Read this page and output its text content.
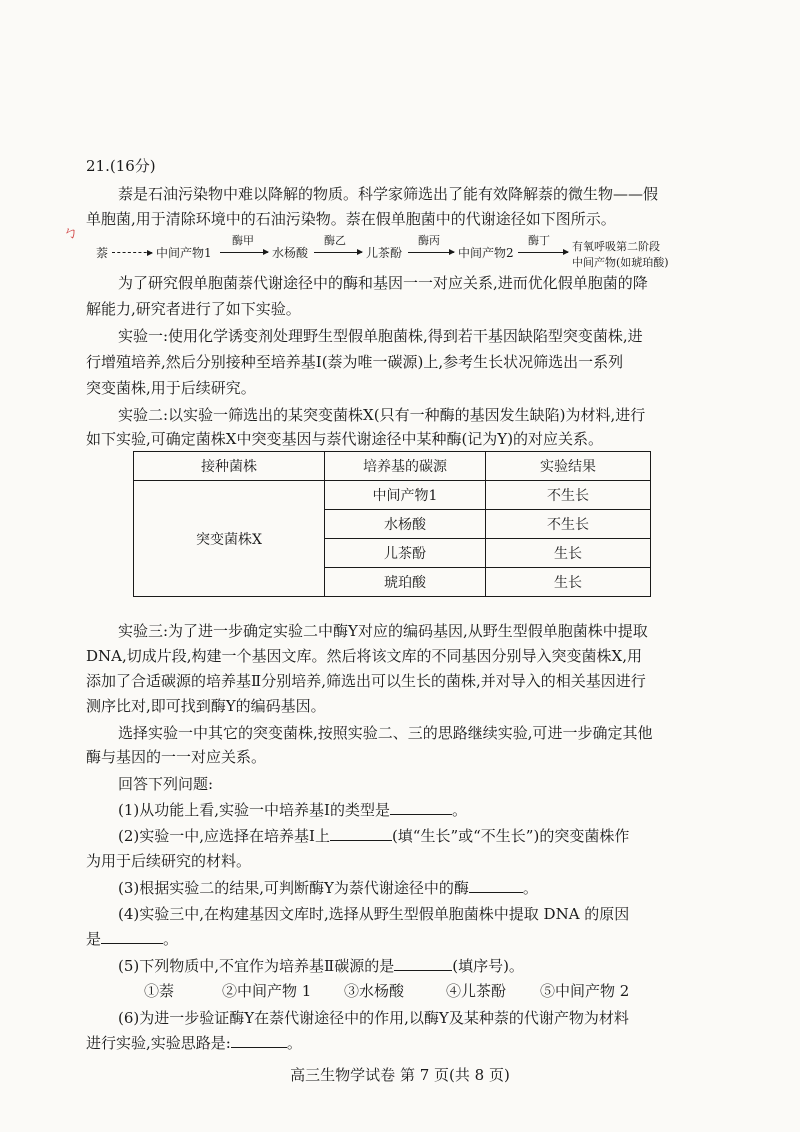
ㄅ
21.(16分)
萘是石油污染物中难以降解的物质。科学家筛选出了能有效降解萘的微生物——假
单胞菌,用于清除环境中的石油污染物。萘在假单胞菌中的代谢途径如下图所示。
萘	中间产物1
酶甲
水杨酸
酶乙
儿茶酚
酶丙
中间产物2
酶丁 有氧呼吸第二阶段
中间产物(如琥珀酸)
为了研究假单胞菌萘代谢途径中的酶和基因一一对应关系,进而优化假单胞菌的降
解能力,研究者进行了如下实验。
实验一:使用化学诱变剂处理野生型假单胞菌株,得到若干基因缺陷型突变菌株,进
行增殖培养,然后分别接种至培养基Ⅰ(萘为唯一碳源)上,参考生长状况筛选出一系列
突变菌株,用于后续研究。
实验二:以实验一筛选出的某突变菌株X(只有一种酶的基因发生缺陷)为材料,进行
如下实验,可确定菌株X中突变基因与萘代谢途径中某种酶(记为Y)的对应关系。
接种菌株	培养基的碳源	实验结果
突变菌株X	中间产物1	不生长
	水杨酸	不生长
	儿茶酚	生长
	琥珀酸	生长
实验三:为了进一步确定实验二中酶Y对应的编码基因,从野生型假单胞菌株中提取
DNA,切成片段,构建一个基因文库。然后将该文库的不同基因分别导入突变菌株X,用
添加了合适碳源的培养基Ⅱ分别培养,筛选出可以生长的菌株,并对导入的相关基因进行
测序比对,即可找到酶Y的编码基因。
选择实验一中其它的突变菌株,按照实验二、三的思路继续实验,可进一步确定其他
酶与基因的一一对应关系。
回答下列问题:
(1)从功能上看,实验一中培养基Ⅰ的类型是	。
(2)实验一中,应选择在培养基Ⅰ上	(填“生长”或“不生长”)的突变菌株作
为用于后续研究的材料。
(3)根据实验二的结果,可判断酶Y为萘代谢途径中的酶	。
(4)实验三中,在构建基因文库时,选择从野生型假单胞菌株中提取 DNA 的原因
是	。
(5)下列物质中,不宜作为培养基Ⅱ碳源的是	(填序号)。
①萘	②中间产物 1 ③水杨酸	④儿茶酚 ⑤中间产物 2
(6)为进一步验证酶Y在萘代谢途径中的作用,以酶Y及某种萘的代谢产物为材料
进行实验,实验思路是:	。
高三生物学试卷 第 7 页(共 8 页)
